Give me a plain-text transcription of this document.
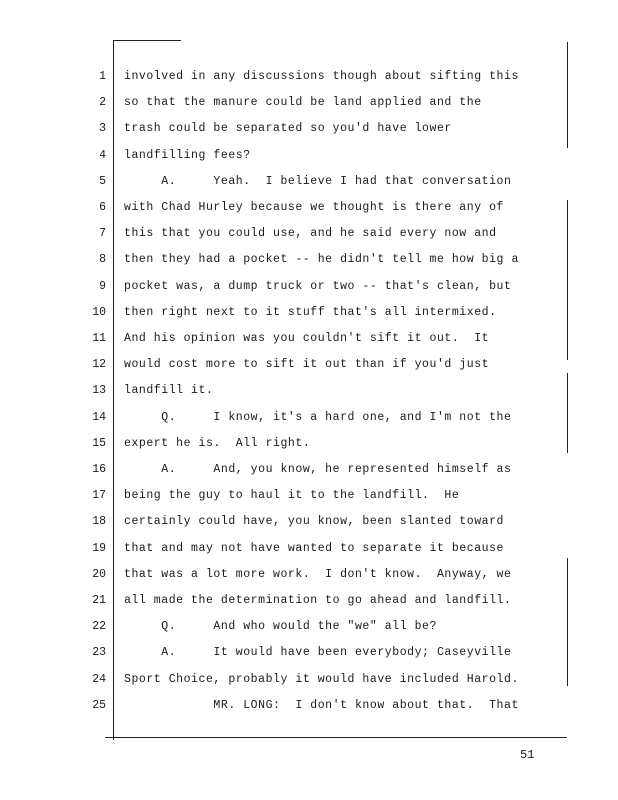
1 involved in any discussions though about sifting this
2 so that the manure could be land applied and the
3 trash could be separated so you'd have lower
4 landfilling fees?
5 A.     Yeah.  I believe I had that conversation
6 with Chad Hurley because we thought is there any of
7 this that you could use, and he said every now and
8 then they had a pocket -- he didn't tell me how big a
9 pocket was, a dump truck or two -- that's clean, but
10 then right next to it stuff that's all intermixed.
11 And his opinion was you couldn't sift it out.  It
12 would cost more to sift it out than if you'd just
13 landfill it.
14 Q.     I know, it's a hard one, and I'm not the
15 expert he is.  All right.
16 A.     And, you know, he represented himself as
17 being the guy to haul it to the landfill.  He
18 certainly could have, you know, been slanted toward
19 that and may not have wanted to separate it because
20 that was a lot more work.  I don't know.  Anyway, we
21 all made the determination to go ahead and landfill.
22 Q.     And who would the "we" all be?
23 A.     It would have been everybody; Caseyville
24 Sport Choice, probably it would have included Harold.
25 MR. LONG:  I don't know about that.  That
51
